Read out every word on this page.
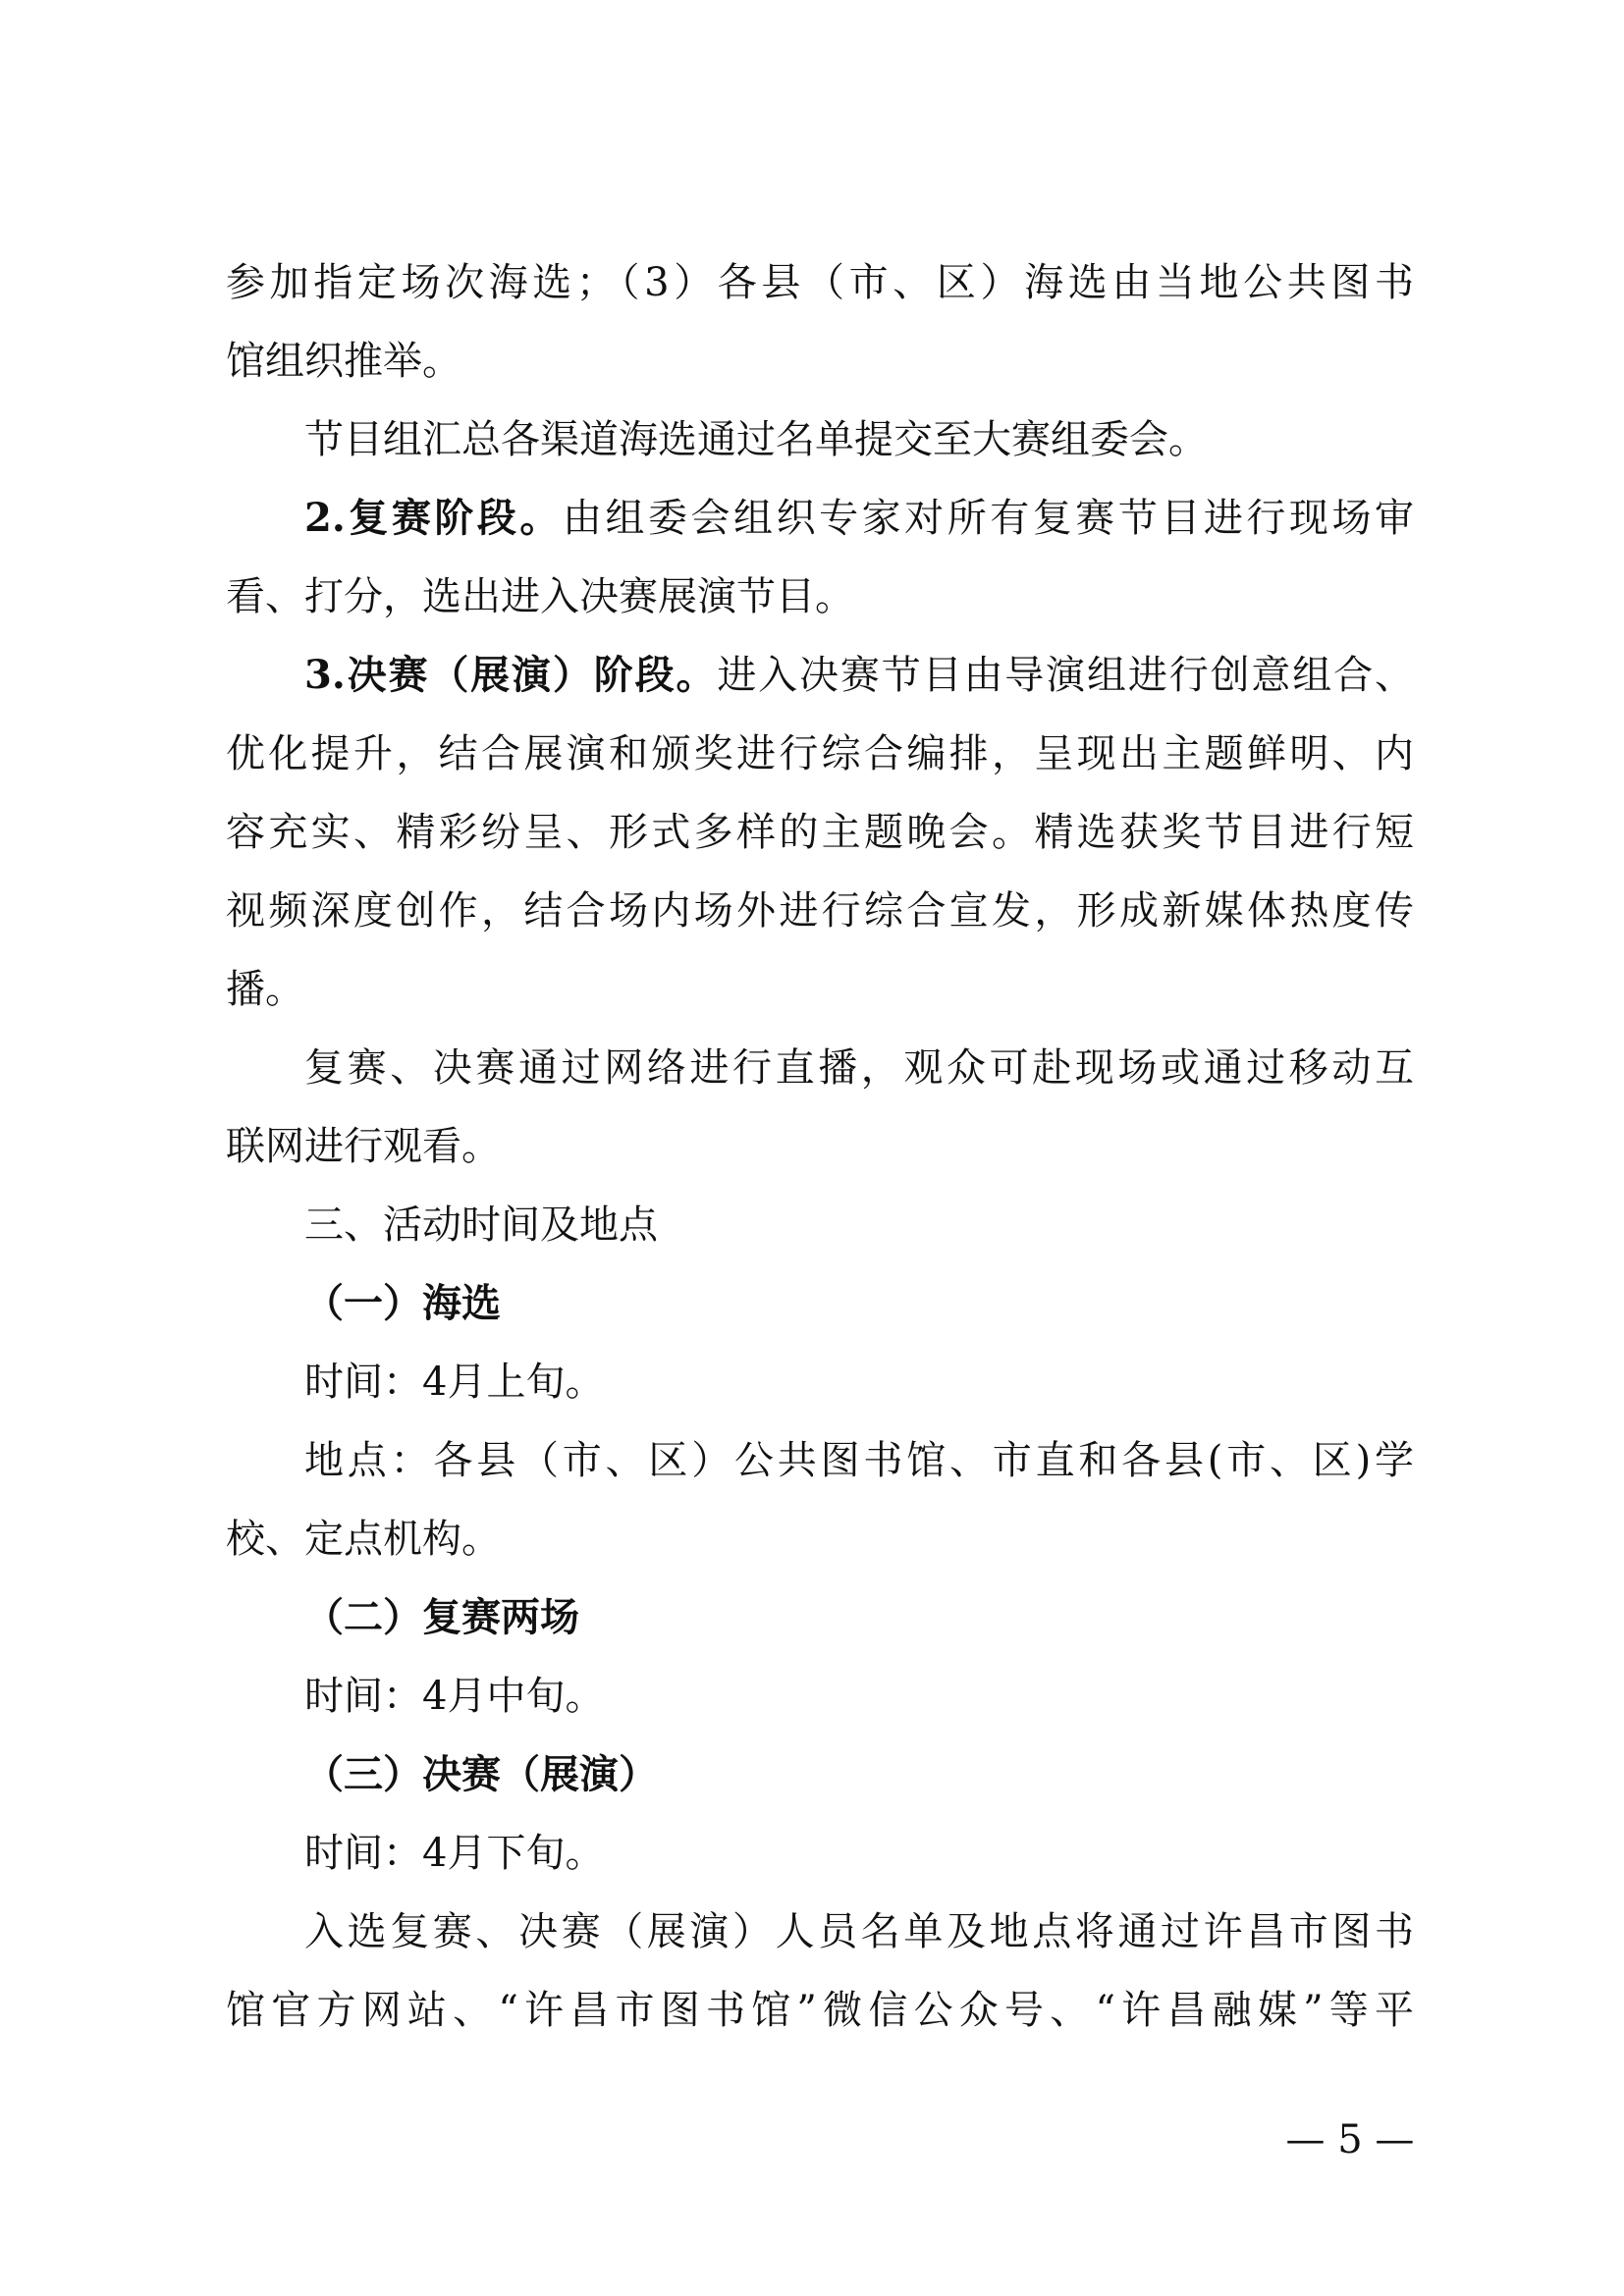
参加指定场次海选；（3）各县（市、区）海选由当地公共图书
馆组织推举。
节目组汇总各渠道海选通过名单提交至大赛组委会。
2.复赛阶段。由组委会组织专家对所有复赛节目进行现场审
看、打分，选出进入决赛展演节目。
3.决赛（展演）阶段。进入决赛节目由导演组进行创意组合、
优化提升，结合展演和颁奖进行综合编排，呈现出主题鲜明、内
容充实、精彩纷呈、形式多样的主题晚会。精选获奖节目进行短
视频深度创作，结合场内场外进行综合宣发，形成新媒体热度传
播。
复赛、决赛通过网络进行直播，观众可赴现场或通过移动互
联网进行观看。
三、活动时间及地点
（一）海选
时间：4月上旬。
地点：各县（市、区）公共图书馆、市直和各县(市、区)学
校、定点机构。
（二）复赛两场
时间：4月中旬。
（三）决赛（展演）
时间：4月下旬。
入选复赛、决赛（展演）人员名单及地点将通过许昌市图书
馆官方网站、“许昌市图书馆”微信公众号、“许昌融媒”等平
— 5 —
